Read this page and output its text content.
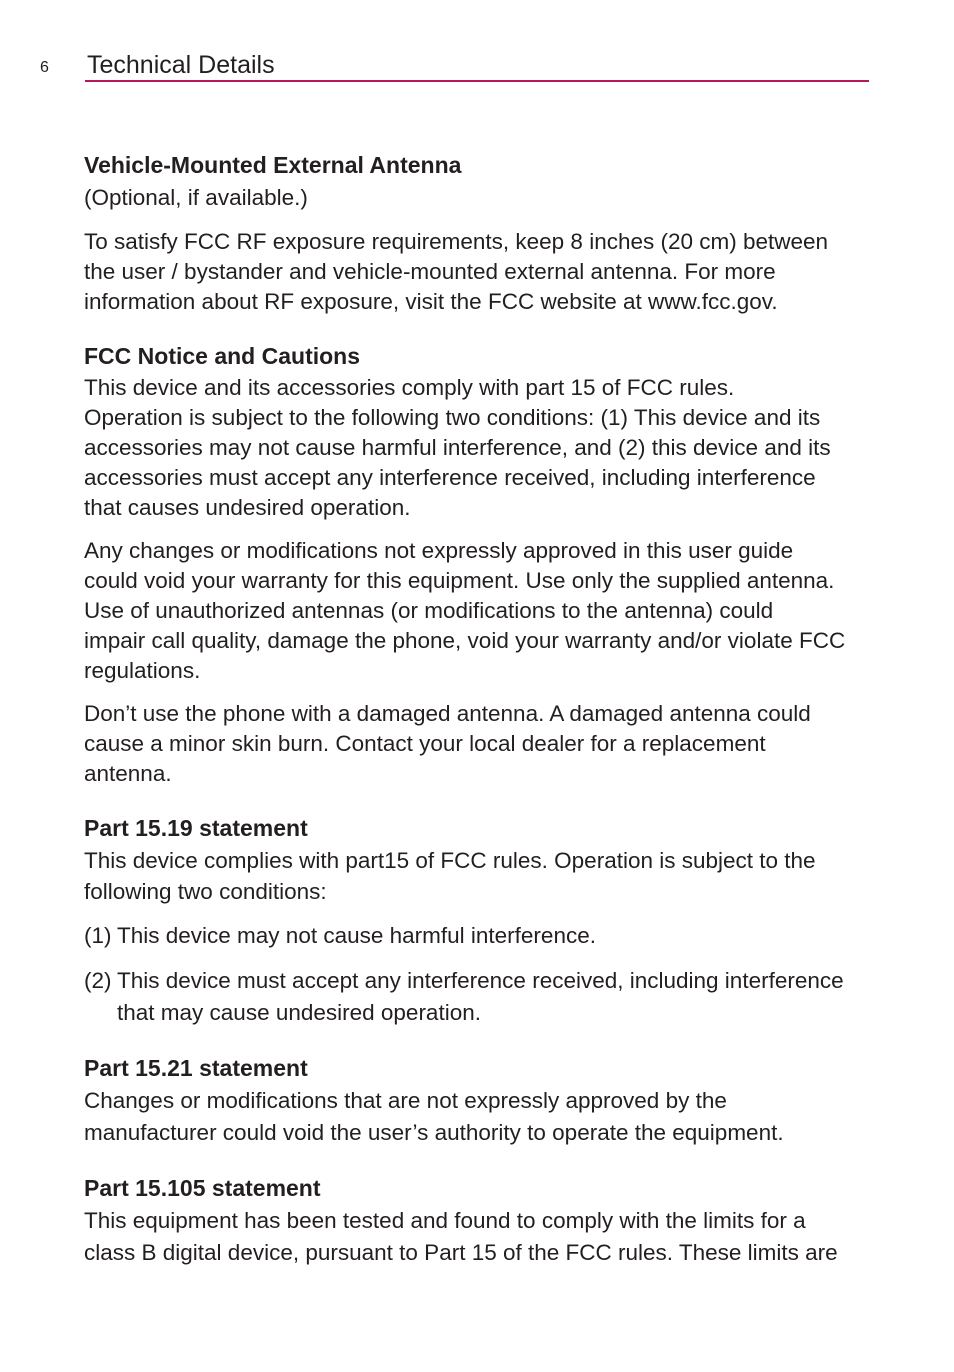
6 Technical Details
Vehicle-Mounted External Antenna

(Optional, if available.)

To satisfy FCC RF exposure requirements, keep 8 inches (20 cm) between
the user / bystander and vehicle-mounted external antenna. For more
information about RF exposure, visit the FCC website at www.fcc.gov.

FCC Notice and Cautions

This device and its accessories comply with part 15 of FCC rules.
Operation is subject to the following two conditions: (1) This device and its
accessories may not cause harmful interference, and (2) this device and its
accessories must accept any interference received, including interference
that causes undesired operation.

Any changes or modifications not expressly approved in this user guide
could void your warranty for this equipment. Use only the supplied antenna.
Use of unauthorized antennas (or modifications to the antenna) could
impair call quality, damage the phone, void your warranty and/or violate FCC
regulations.

Don’t use the phone with a damaged antenna. A damaged antenna could
cause a minor skin burn. Contact your local dealer for a replacement
antenna.

Part 15.19 statement

This device complies with part15 of FCC rules. Operation is subject to the
following two conditions:

(1) This device may not cause harmful interference.
(2) This device must accept any interference received, including interference
that may cause undesired operation.
Part 15.21 statement

Changes or modifications that are not expressly approved by the
manufacturer could void the user’s authority to operate the equipment.

Part 15.105 statement

This equipment has been tested and found to comply with the limits for a
class B digital device, pursuant to Part 15 of the FCC rules. These limits are
